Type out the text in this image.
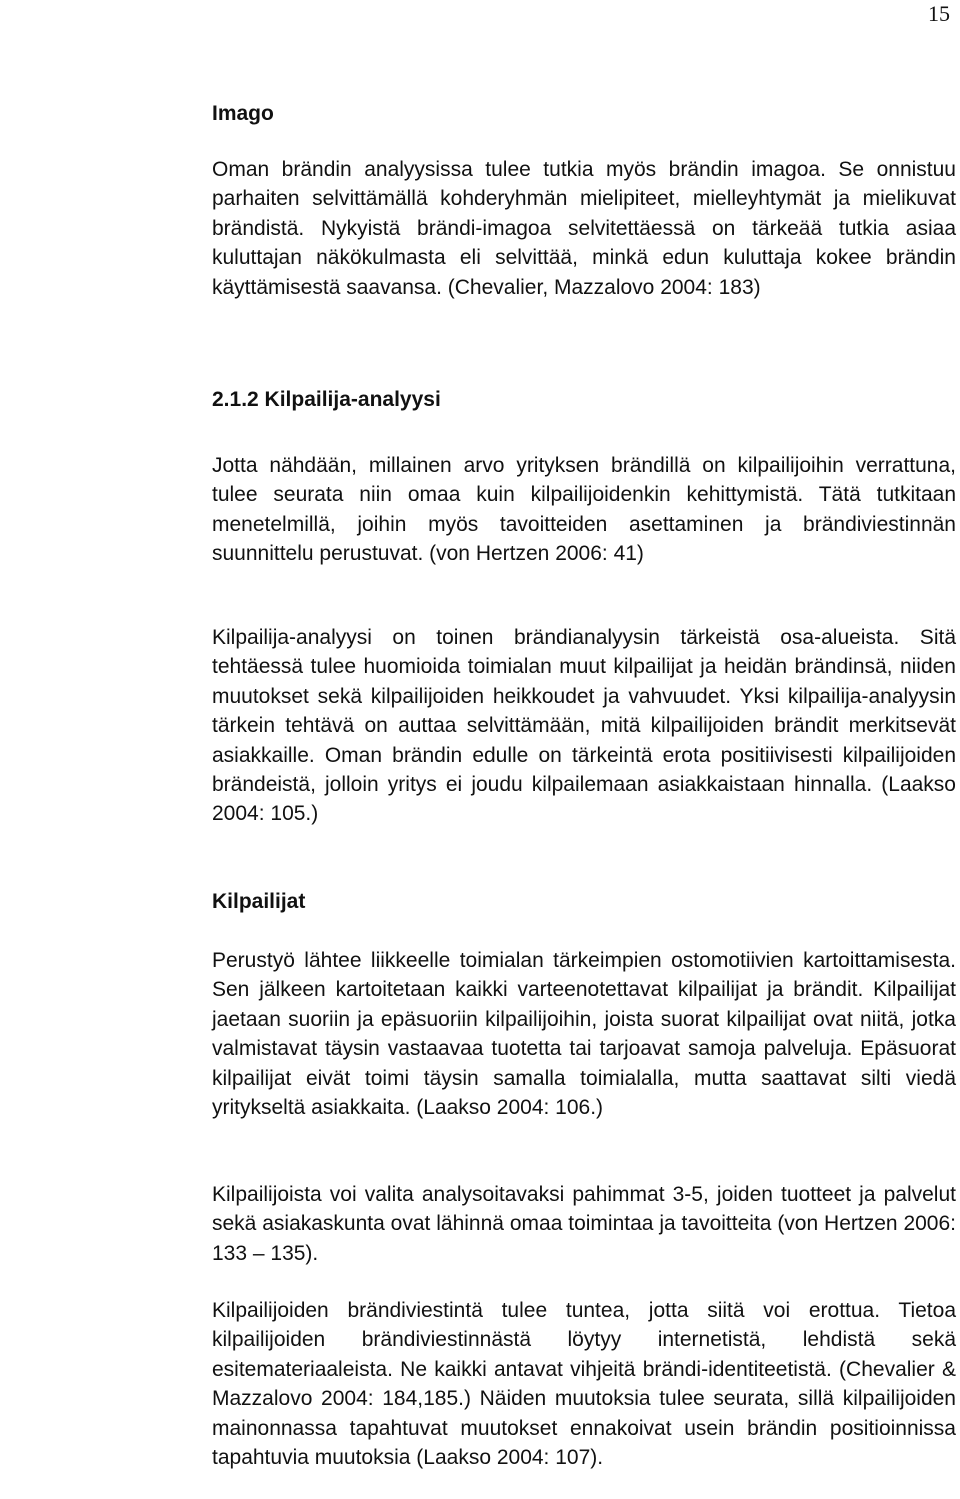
15
Imago

Oman brändin analyysissa tulee tutkia myös brändin imagoa. Se onnistuu parhaiten selvittämällä kohderyhmän mielipiteet, mielleyhtymät ja mielikuvat brändistä. Nykyistä brändi-imagoa selvitettäessä on tärkeää tutkia asiaa kuluttajan näkökulmasta eli selvittää, minkä edun kuluttaja kokee brändin käyttämisestä saavansa. (Chevalier, Mazzalovo 2004: 183)

2.1.2 Kilpailija-analyysi

Jotta nähdään, millainen arvo yrityksen brändillä on kilpailijoihin verrattuna, tulee seurata niin omaa kuin kilpailijoidenkin kehittymistä. Tätä tutkitaan menetelmillä, joihin myös tavoitteiden asettaminen ja brändiviestinnän suunnittelu perustuvat. (von Hertzen 2006: 41)

Kilpailija-analyysi on toinen brändianalyysin tärkeistä osa-alueista. Sitä tehtäessä tulee huomioida toimialan muut kilpailijat ja heidän brändinsä, niiden muutokset sekä kilpailijoiden heikkoudet ja vahvuudet. Yksi kilpailija-analyysin tärkein tehtävä on auttaa selvittämään, mitä kilpailijoiden brändit merkitsevät asiakkaille. Oman brändin edulle on tärkeintä erota positiivisesti kilpailijoiden brändeistä, jolloin yritys ei joudu kilpailemaan asiakkaistaan hinnalla. (Laakso 2004: 105.)

Kilpailijat

Perustyö lähtee liikkeelle toimialan tärkeimpien ostomotiivien kartoittamisesta. Sen jälkeen kartoitetaan kaikki varteenotettavat kilpailijat ja brändit. Kilpailijat jaetaan suoriin ja epäsuoriin kilpailijoihin, joista suorat kilpailijat ovat niitä, jotka valmistavat täysin vastaavaa tuotetta tai tarjoavat samoja palveluja. Epäsuorat kilpailijat eivät toimi täysin samalla toimialalla, mutta saattavat silti viedä yritykseltä asiakkaita. (Laakso 2004: 106.)

Kilpailijoista voi valita analysoitavaksi pahimmat 3-5, joiden tuotteet ja palvelut sekä asiakaskunta ovat lähinnä omaa toimintaa ja tavoitteita (von Hertzen 2006: 133 – 135).

Kilpailijoiden brändiviestintä tulee tuntea, jotta siitä voi erottua. Tietoa kilpailijoiden brändiviestinnästä löytyy internetistä, lehdistä sekä esitemateriaaleista. Ne kaikki antavat vihjeitä brändi-identiteetistä. (Chevalier & Mazzalovo 2004: 184,185.) Näiden muutoksia tulee seurata, sillä kilpailijoiden mainonnassa tapahtuvat muutokset ennakoivat usein brändin positioinnissa tapahtuvia muutoksia (Laakso 2004: 107).
